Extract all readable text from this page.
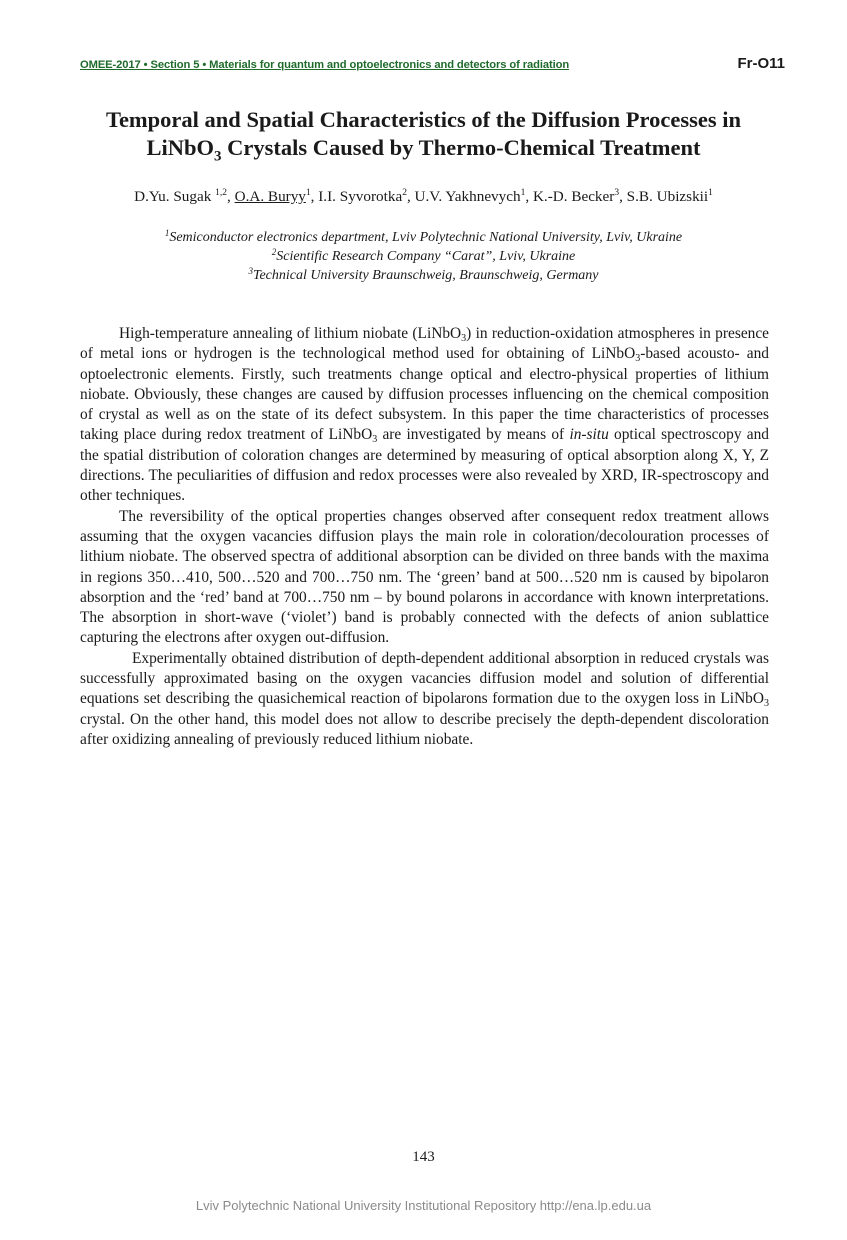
OMEE-2017 • Section 5 • Materials for quantum and optoelectronics and detectors of radiation	Fr-O11
Temporal and Spatial Characteristics of the Diffusion Processes in
LiNbO$_3$ Crystals Caused by Thermo-Chemical Treatment
D.Yu. Sugak $^{1,2}$, O.A. Buryy$^1$, I.I. Syvorotka$^2$, U.V. Yakhnevych$^1$, K.-D. Becker$^3$, S.B. Ubizskii$^1$
$^1$Semiconductor electronics department, Lviv Polytechnic National University, Lviv, Ukraine
$^2$Scientific Research Company “Carat”, Lviv, Ukraine
$^3$Technical University Braunschweig, Braunschweig, Germany

High-temperature annealing of lithium niobate (LiNbO$_3$) in reduction-oxidation atmospheres in presence of metal ions or hydrogen is the technological method used for obtaining of LiNbO$_3$-based acousto- and optoelectronic elements. Firstly, such treatments change optical and electro-physical properties of lithium niobate. Obviously, these changes are caused by diffusion processes influencing on the chemical composition of crystal as well as on the state of its defect subsystem. In this paper the time characteristics of processes taking place during redox treatment of LiNbO$_3$ are investigated by means of in-situ optical spectroscopy and the spatial distribution of coloration changes are determined by measuring of optical absorption along X, Y, Z directions. The peculiarities of diffusion and redox processes were also revealed by XRD, IR-spectroscopy and other techniques.

The reversibility of the optical properties changes observed after consequent redox treatment allows assuming that the oxygen vacancies diffusion plays the main role in coloration/decolouration processes of lithium niobate. The observed spectra of additional absorption can be divided on three bands with the maxima in regions 350…410, 500…520 and 700…750 nm. The ‘green’ band at 500…520 nm is caused by bipolaron absorption and the ‘red’ band at 700…750 nm – by bound polarons in accordance with known interpretations. The absorption in short-wave (‘violet’) band is probably connected with the defects of anion sublattice capturing the electrons after oxygen out-diffusion.

Experimentally obtained distribution of depth-dependent additional absorption in reduced crystals was successfully approximated basing on the oxygen vacancies diffusion model and solution of differential equations set describing the quasichemical reaction of bipolarons formation due to the oxygen loss in LiNbO$_3$ crystal. On the other hand, this model does not allow to describe precisely the depth-dependent discoloration after oxidizing annealing of previously reduced lithium niobate.

143
Lviv Polytechnic National University Institutional Repository http://ena.lp.edu.ua
